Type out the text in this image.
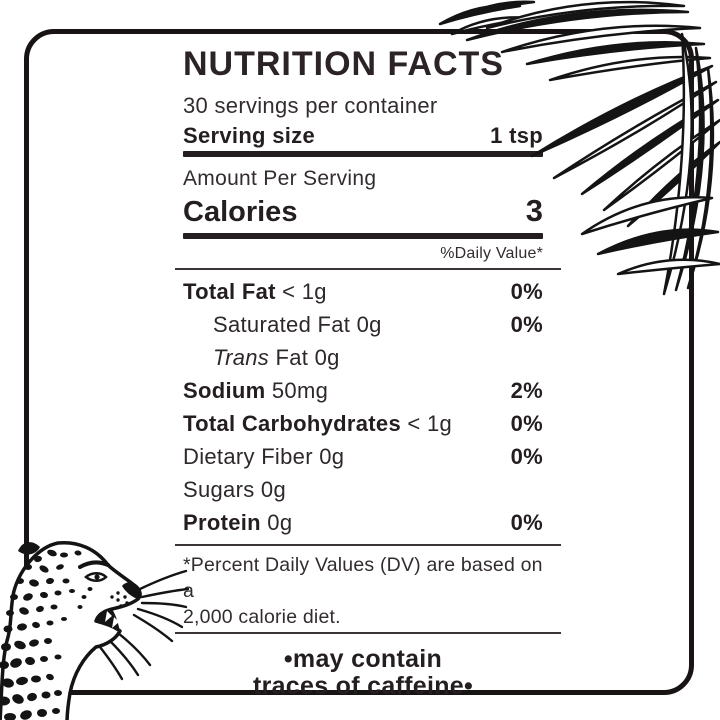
NUTRITION FACTS
30 servings per container
Serving size	1 tsp
Amount Per Serving
Calories	3
%Daily Value*
Total Fat < 1g	0%
Saturated Fat 0g	0%
Trans Fat 0g
Sodium 50mg	2%
Total Carbohydrates < 1g	0%
Dietary Fiber 0g	0%
Sugars 0g
Protein 0g	0%
*Percent Daily Values (DV) are based on a
2,000 calorie diet.
•may contain
traces of caffeine•
